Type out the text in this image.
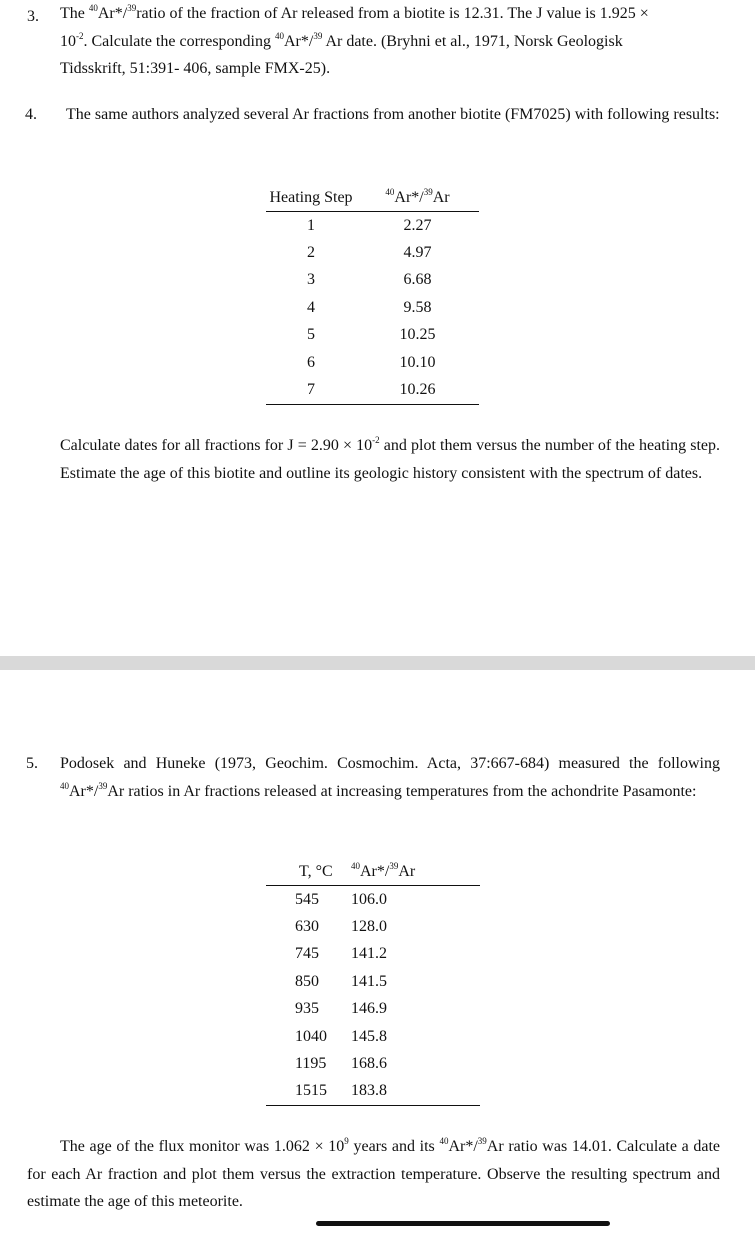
3. The $^{40}$Ar*/$^{39}$ratio of the fraction of Ar released from a biotite is 12.31. The J value is 1.925 ×
$10^{-2}$. Calculate the corresponding $^{40}$Ar*/$^{39}$ Ar date. (Bryhni et al., 1971, Norsk Geologisk
Tidsskrift, 51:391- 406, sample FMX-25).
4. The same authors analyzed several Ar fractions from another biotite (FM7025) with following results:
Heating Step	$^{40}$Ar*/$^{39}$Ar
1	2.27
2	4.97
3	6.68
4	9.58
5	10.25
6	10.10
7	10.26
Calculate dates for all fractions for $J = 2.90 \times 10^{-2}$ and plot them versus the number of the heating step. Estimate the age of this biotite and outline its geologic history consistent with the spectrum of dates.
5. Podosek and Huneke (1973, Geochim. Cosmochim. Acta, 37:667-684) measured the following $^{40}$Ar*/$^{39}$Ar ratios in Ar fractions released at increasing temperatures from the achondrite Pasamonte:
T, °C	$^{40}$Ar*/$^{39}$Ar
545	106.0
630	128.0
745	141.2
850	141.5
935	146.9
1040	145.8
1195	168.6
1515	183.8
The age of the flux monitor was $1.062 \times 10^9$ years and its $^{40}$Ar*/$^{39}$Ar ratio was 14.01. Calculate a date for each Ar fraction and plot them versus the extraction temperature. Observe the resulting spectrum and estimate the age of this meteorite.
